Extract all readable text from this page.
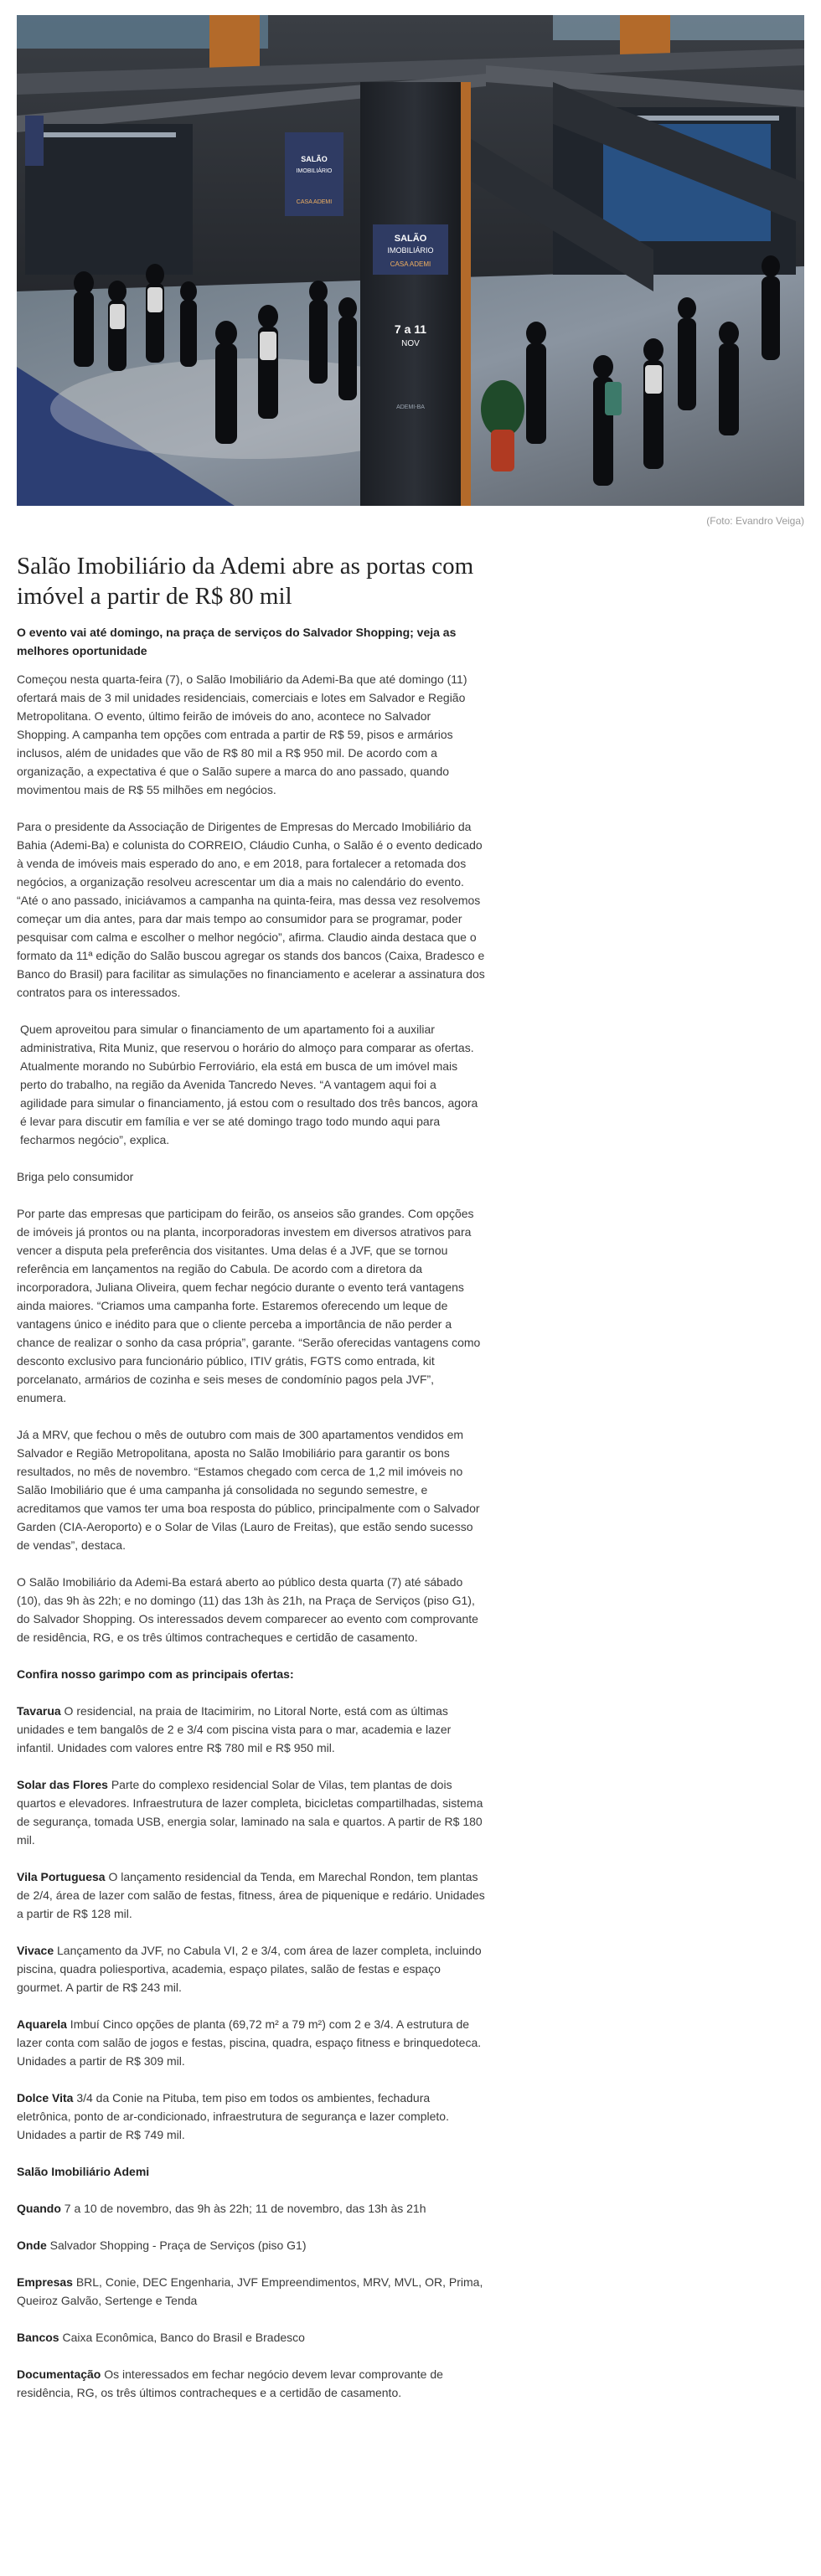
SALÃO
IMOBILIÁRIO
CASA ADEMI
7 a 11
NOV
ADEMI-BA
SALÃO
IMOBILIÁRIO
CASA ADEMI
(Foto: Evandro Veiga)
Salão Imobiliário da Ademi abre as portas com imóvel a partir de R$ 80 mil

O evento vai até domingo, na praça de serviços do Salvador Shopping; veja as melhores oportunidade

Começou nesta quarta-feira (7), o Salão Imobiliário da Ademi-Ba que até domingo (11) ofertará mais de 3 mil unidades residenciais, comerciais e lotes em Salvador e Região Metropolitana. O evento, último feirão de imóveis do ano, acontece no Salvador Shopping. A campanha tem opções com entrada a partir de R$ 59, pisos e armários inclusos, além de unidades que vão de R$ 80 mil a R$ 950 mil. De acordo com a organização, a expectativa é que o Salão supere a marca do ano passado, quando movimentou mais de R$ 55 milhões em negócios.

Para o presidente da Associação de Dirigentes de Empresas do Mercado Imobiliário da Bahia (Ademi-Ba) e colunista do CORREIO, Cláudio Cunha, o Salão é o evento dedicado à venda de imóveis mais esperado do ano, e em 2018, para fortalecer a retomada dos negócios, a organização resolveu acrescentar um dia a mais no calendário do evento. “Até o ano passado, iniciávamos a campanha na quinta-feira, mas dessa vez resolvemos começar um dia antes, para dar mais tempo ao consumidor para se programar, poder pesquisar com calma e escolher o melhor negócio”, afirma. Claudio ainda destaca que o formato da 11ª edição do Salão buscou agregar os stands dos bancos (Caixa, Bradesco e Banco do Brasil) para facilitar as simulações no financiamento e acelerar a assinatura dos contratos para os interessados.

Quem aproveitou para simular o financiamento de um apartamento foi a auxiliar administrativa, Rita Muniz, que reservou o horário do almoço para comparar as ofertas. Atualmente morando no Subúrbio Ferroviário, ela está em busca de um imóvel mais perto do trabalho, na região da Avenida Tancredo Neves. “A vantagem aqui foi a agilidade para simular o financiamento, já estou com o resultado dos três bancos, agora é levar para discutir em família e ver se até domingo trago todo mundo aqui para fecharmos negócio”, explica.

Briga pelo consumidor

Por parte das empresas que participam do feirão, os anseios são grandes. Com opções de imóveis já prontos ou na planta, incorporadoras investem em diversos atrativos para vencer a disputa pela preferência dos visitantes. Uma delas é a JVF, que se tornou referência em lançamentos na região do Cabula. De acordo com a diretora da incorporadora, Juliana Oliveira, quem fechar negócio durante o evento terá vantagens ainda maiores. “Criamos uma campanha forte. Estaremos oferecendo um leque de vantagens único e inédito para que o cliente perceba a importância de não perder a chance de realizar o sonho da casa própria”, garante. “Serão oferecidas vantagens como desconto exclusivo para funcionário público, ITIV grátis, FGTS como entrada, kit porcelanato, armários de cozinha e seis meses de condomínio pagos pela JVF”, enumera.

Já a MRV, que fechou o mês de outubro com mais de 300 apartamentos vendidos em Salvador e Região Metropolitana, aposta no Salão Imobiliário para garantir os bons resultados, no mês de novembro. “Estamos chegado com cerca de 1,2 mil imóveis no Salão Imobiliário que é uma campanha já consolidada no segundo semestre, e acreditamos que vamos ter uma boa resposta do público, principalmente com o Salvador Garden (CIA-Aeroporto) e o Solar de Vilas (Lauro de Freitas), que estão sendo sucesso de vendas”, destaca.

O Salão Imobiliário da Ademi-Ba estará aberto ao público desta quarta (7) até sábado (10), das 9h às 22h; e no domingo (11) das 13h às 21h, na Praça de Serviços (piso G1), do Salvador Shopping. Os interessados devem comparecer ao evento com comprovante de residência, RG, e os três últimos contracheques e certidão de casamento.

Confira nosso garimpo com as principais ofertas:

Tavarua O residencial, na praia de Itacimirim, no Litoral Norte, está com as últimas unidades e tem bangalôs de 2 e 3/4 com piscina vista para o mar, academia e lazer infantil. Unidades com valores entre R$ 780 mil e R$ 950 mil.

Solar das Flores Parte do complexo residencial Solar de Vilas, tem plantas de dois quartos e elevadores. Infraestrutura de lazer completa, bicicletas compartilhadas, sistema de segurança, tomada USB, energia solar, laminado na sala e quartos. A partir de R$ 180 mil.

Vila Portuguesa O lançamento residencial da Tenda, em Marechal Rondon, tem plantas de 2/4, área de lazer com salão de festas, fitness, área de piquenique e redário. Unidades a partir de R$ 128 mil.

Vivace Lançamento da JVF, no Cabula VI, 2 e 3/4, com área de lazer completa, incluindo piscina, quadra poliesportiva, academia, espaço pilates, salão de festas e espaço gourmet. A partir de R$ 243 mil.

Aquarela Imbuí Cinco opções de planta (69,72 m² a 79 m²) com 2 e 3/4. A estrutura de lazer conta com salão de jogos e festas, piscina, quadra, espaço fitness e brinquedoteca. Unidades a partir de R$ 309 mil.

Dolce Vita 3/4 da Conie na Pituba, tem piso em todos os ambientes, fechadura eletrônica, ponto de ar-condicionado, infraestrutura de segurança e lazer completo. Unidades a partir de R$ 749 mil.

Salão Imobiliário Ademi

Quando 7 a 10 de novembro, das 9h às 22h; 11 de novembro, das 13h às 21h

Onde Salvador Shopping - Praça de Serviços (piso G1)

Empresas BRL, Conie, DEC Engenharia, JVF Empreendimentos, MRV, MVL, OR, Prima, Queiroz Galvão, Sertenge e Tenda

Bancos Caixa Econômica, Banco do Brasil e Bradesco

Documentação Os interessados em fechar negócio devem levar comprovante de residência, RG, os três últimos contracheques e a certidão de casamento.
